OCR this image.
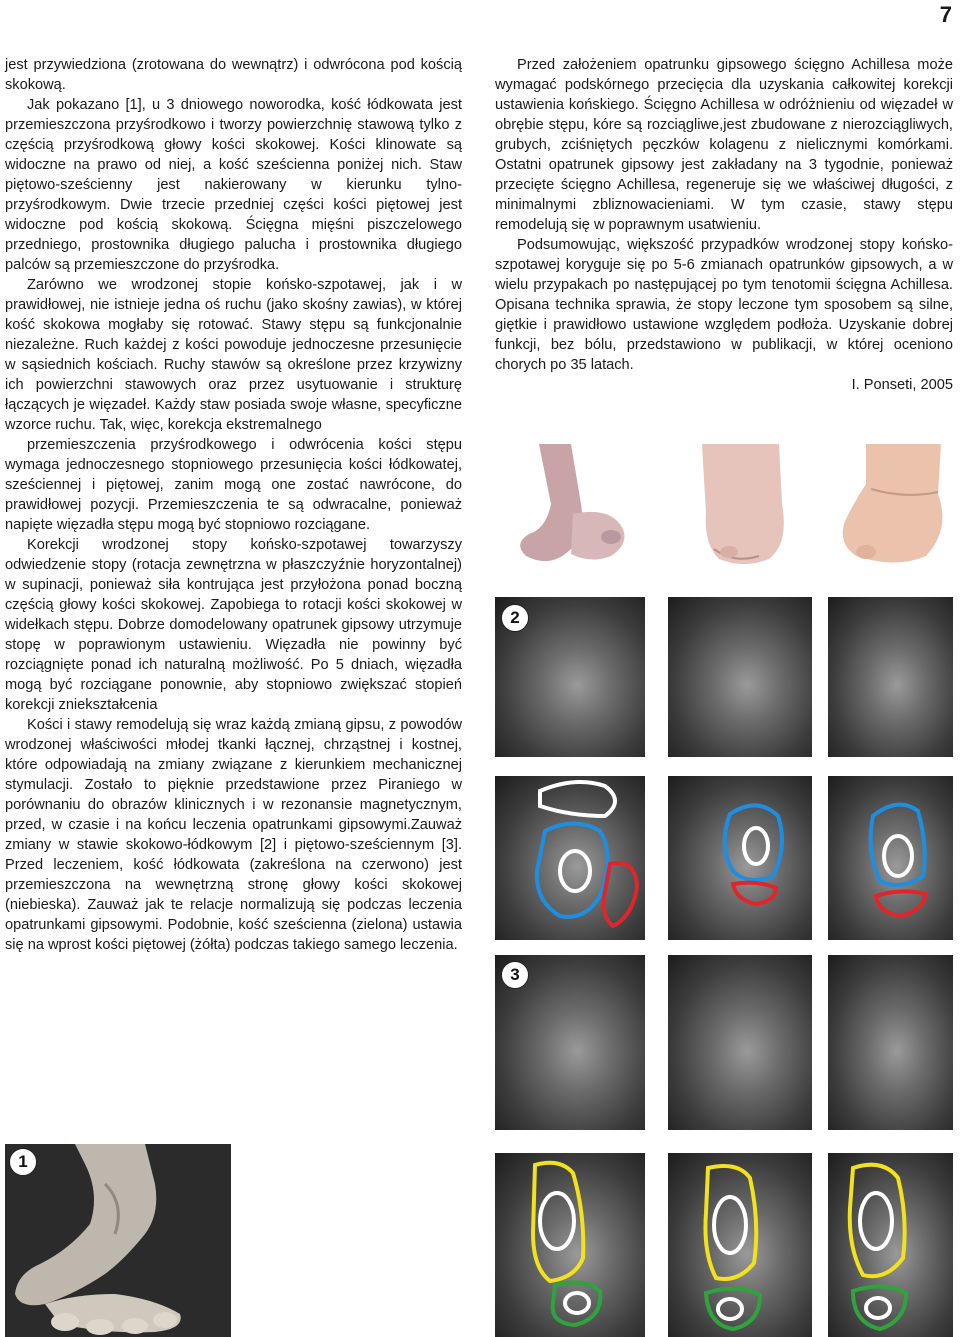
7

jest przywiedziona (zrotowana do wewnątrz) i odwrócona pod kością skokową.

Jak pokazano [1], u 3 dniowego noworodka, kość łódkowata jest przemieszczona przyśrodkowo i tworzy powierzchnię stawową tylko z częścią przyśrodkową głowy kości skokowej. Kości klinowate są widoczne na prawo od niej, a kość sześcienna poniżej nich. Staw piętowo-sześcienny jest nakierowany w kierunku tylno-przyśrodkowym. Dwie trzecie przedniej części kości piętowej jest widoczne pod kością skokową. Ścięgna mięśni piszczelowego przedniego, prostownika długiego palucha i prostownika długiego palców są przemieszczone do przyśrodka.

Zarówno we wrodzonej stopie końsko-szpotawej, jak i w prawidłowej, nie istnieje jedna oś ruchu (jako skośny zawias), w której kość skokowa mogłaby się rotować. Stawy stępu są funkcjonalnie niezależne. Ruch każdej z kości powoduje jednoczesne przesunięcie w sąsiednich kościach. Ruchy stawów są określone przez krzywizny ich powierzchni stawowych oraz przez usytuowanie i strukturę łączących je więzadeł. Każdy staw posiada swoje własne, specyficzne wzorce ruchu. Tak, więc, korekcja ekstremalnego

przemieszczenia przyśrodkowego i odwrócenia kości stępu wymaga jednoczesnego stopniowego przesunięcia kości łódkowatej, sześciennej i piętowej, zanim mogą one zostać nawrócone, do prawidłowej pozycji. Przemieszczenia te są odwracalne, ponieważ napięte więzadła stępu mogą być stopniowo rozciągane.

Korekcji wrodzonej stopy końsko-szpotawej towarzyszy odwiedzenie stopy (rotacja zewnętrzna w płaszczyźnie horyzontalnej) w supinacji, ponieważ siła kontrująca jest przyłożona ponad boczną częścią głowy kości skokowej. Zapobiega to rotacji kości skokowej w widełkach stępu. Dobrze domodelowany opatrunek gipsowy utrzymuje stopę w poprawionym ustawieniu. Więzadła nie powinny być rozciągnięte ponad ich naturalną możliwość. Po 5 dniach, więzadła mogą być rozciągane ponownie, aby stopniowo zwiększać stopień korekcji zniekształcenia

Kości i stawy remodelują się wraz każdą zmianą gipsu, z powodów wrodzonej właściwości młodej tkanki łącznej, chrząstnej i kostnej, które odpowiadają na zmiany związane z kierunkiem mechanicznej stymulacji. Zostało to pięknie przedstawione przez Piraniego w porównaniu do obrazów klinicznych i w rezonansie magnetycznym, przed, w czasie i na końcu leczenia opatrunkami gipsowymi.Zauważ zmiany w stawie skokowo-łódkowym [2] i piętowo-sześciennym [3]. Przed leczeniem, kość łódkowata (zakreślona na czerwono) jest przemieszczona na wewnętrzną stronę głowy kości skokowej (niebieska). Zauważ jak te relacje normalizują się podczas leczenia opatrunkami gipsowymi. Podobnie, kość sześcienna (zielona) ustawia się na wprost kości piętowej (żółta) podczas takiego samego leczenia.

Przed założeniem opatrunku gipsowego ścięgno Achillesa może wymagać podskórnego przecięcia dla uzyskania całkowitej korekcji ustawienia końskiego. Ścięgno Achillesa w odróżnieniu od więzadeł w obrębie stępu, kóre są rozciągliwe,jest zbudowane z nierozciągliwych, grubych, zciśniętych pęczków kolagenu z nielicznymi komórkami. Ostatni opatrunek gipsowy jest zakładany na 3 tygodnie, ponieważ przecięte ścięgno Achillesa, regeneruje się we właściwej długości, z minimalnymi zbliznowacieniami. W tym czasie, stawy stępu remodelują się w poprawnym usatwieniu.

Podsumowując, większość przypadków wrodzonej stopy końsko-szpotawej koryguje się po 5-6 zmianach opatrunków gipsowych, a w wielu przypakach po następującej po tym tenotomii ścięgna Achillesa. Opisana technika sprawia, że stopy leczone tym sposobem są silne, giętkie i prawidłowo ustawione względem podłoża. Uzyskanie dobrej funkcji, bez bólu, przedstawiono w publikacji, w której oceniono chorych po 35 latach.

I. Ponseti, 2005

2
3
1
